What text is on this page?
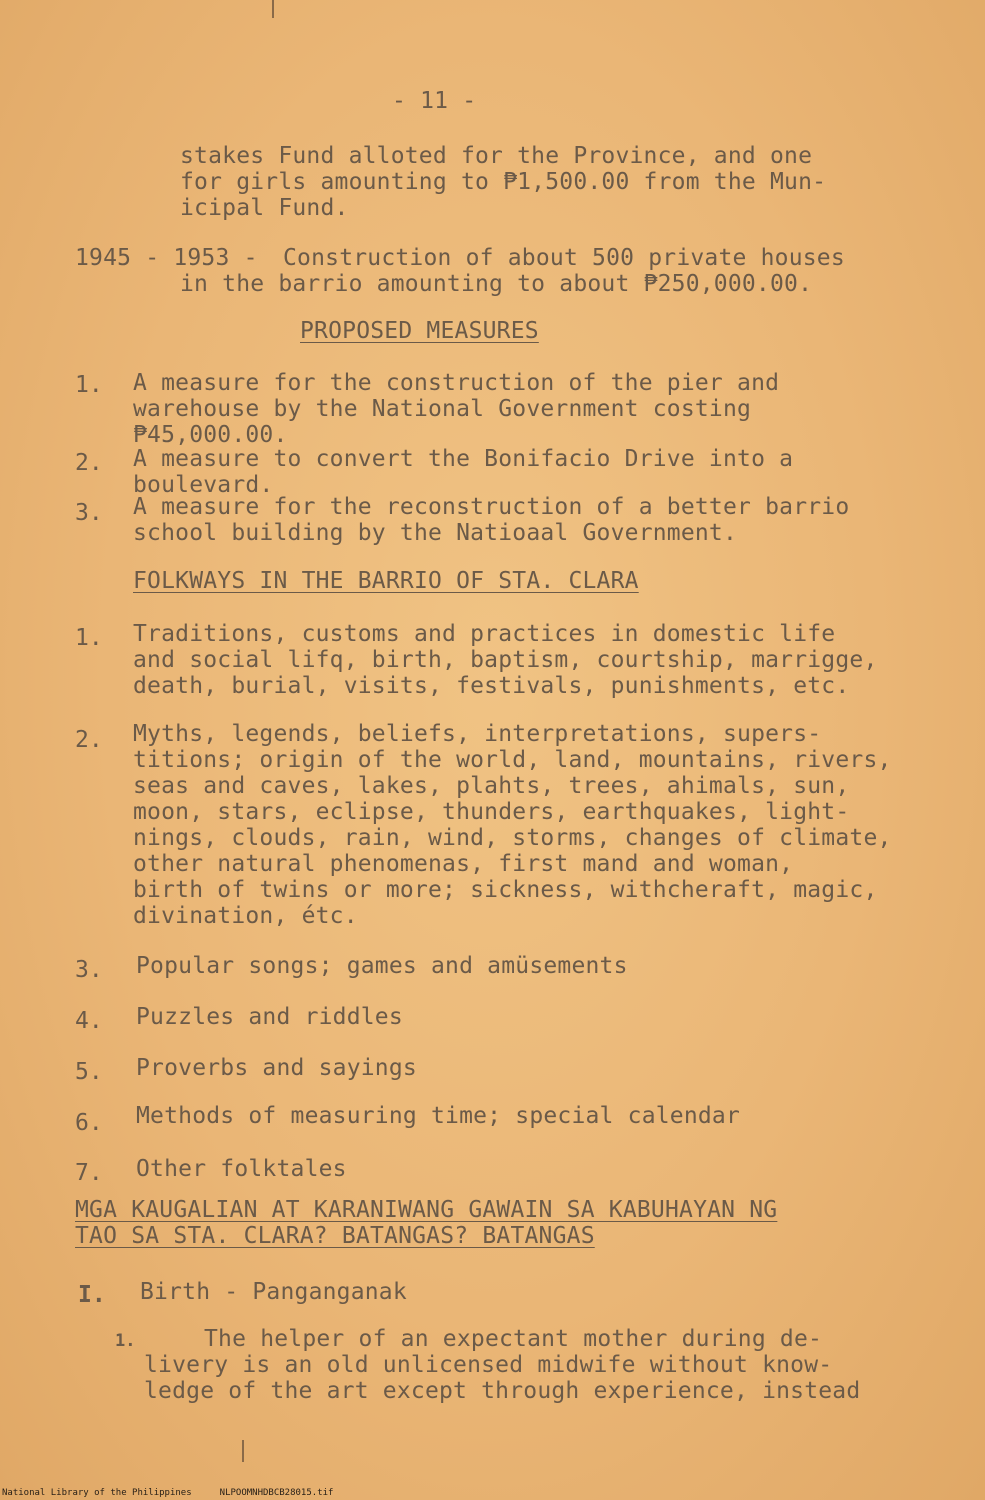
- 11 -
stakes Fund alloted for the Province, and one
for girls amounting to ₱1,500.00 from the Mun-
icipal Fund.
1945 - 1953 - Construction of about 500 private houses
in the barrio amounting to about ₱250,000.00.
PROPOSED MEASURES
1. A measure for the construction of the pier and
warehouse by the National Government costing
₱45,000.00.
2. A measure to convert the Bonifacio Drive into a
boulevard.
3. A measure for the reconstruction of a better barrio
school building by the Natioaal Government.
FOLKWAYS IN THE BARRIO OF STA. CLARA
1. Traditions, customs and practices in domestic life
and social lifq, birth, baptism, courtship, marrigge,
death, burial, visits, festivals, punishments, etc.
2. Myths, legends, beliefs, interpretations, supers-
titions; origin of the world, land, mountains, rivers,
seas and caves, lakes, plahts, trees, ahimals, sun,
moon, stars, eclipse, thunders, earthquakes, light-
nings, clouds, rain, wind, storms, changes of climate,
other natural phenomenas, first mand and woman,
birth of twins or more; sickness, withcheraft, magic,
divination, étc.
3. Popular songs; games and amüsements
4. Puzzles and riddles
5. Proverbs and sayings
6. Methods of measuring time; special calendar
7. Other folktales
MGA KAUGALIAN AT KARANIWANG GAWAIN SA KABUHAYAN NG
TAO SA STA. CLARA? BATANGAS? BATANGAS
I. Birth - Panganganak
1.	The helper of an expectant mother during de-
livery is an old unlicensed midwife without know-
ledge of the art except through experience, instead
National Library of the Philippines	NLPOOMNHDBCB28015.tif
